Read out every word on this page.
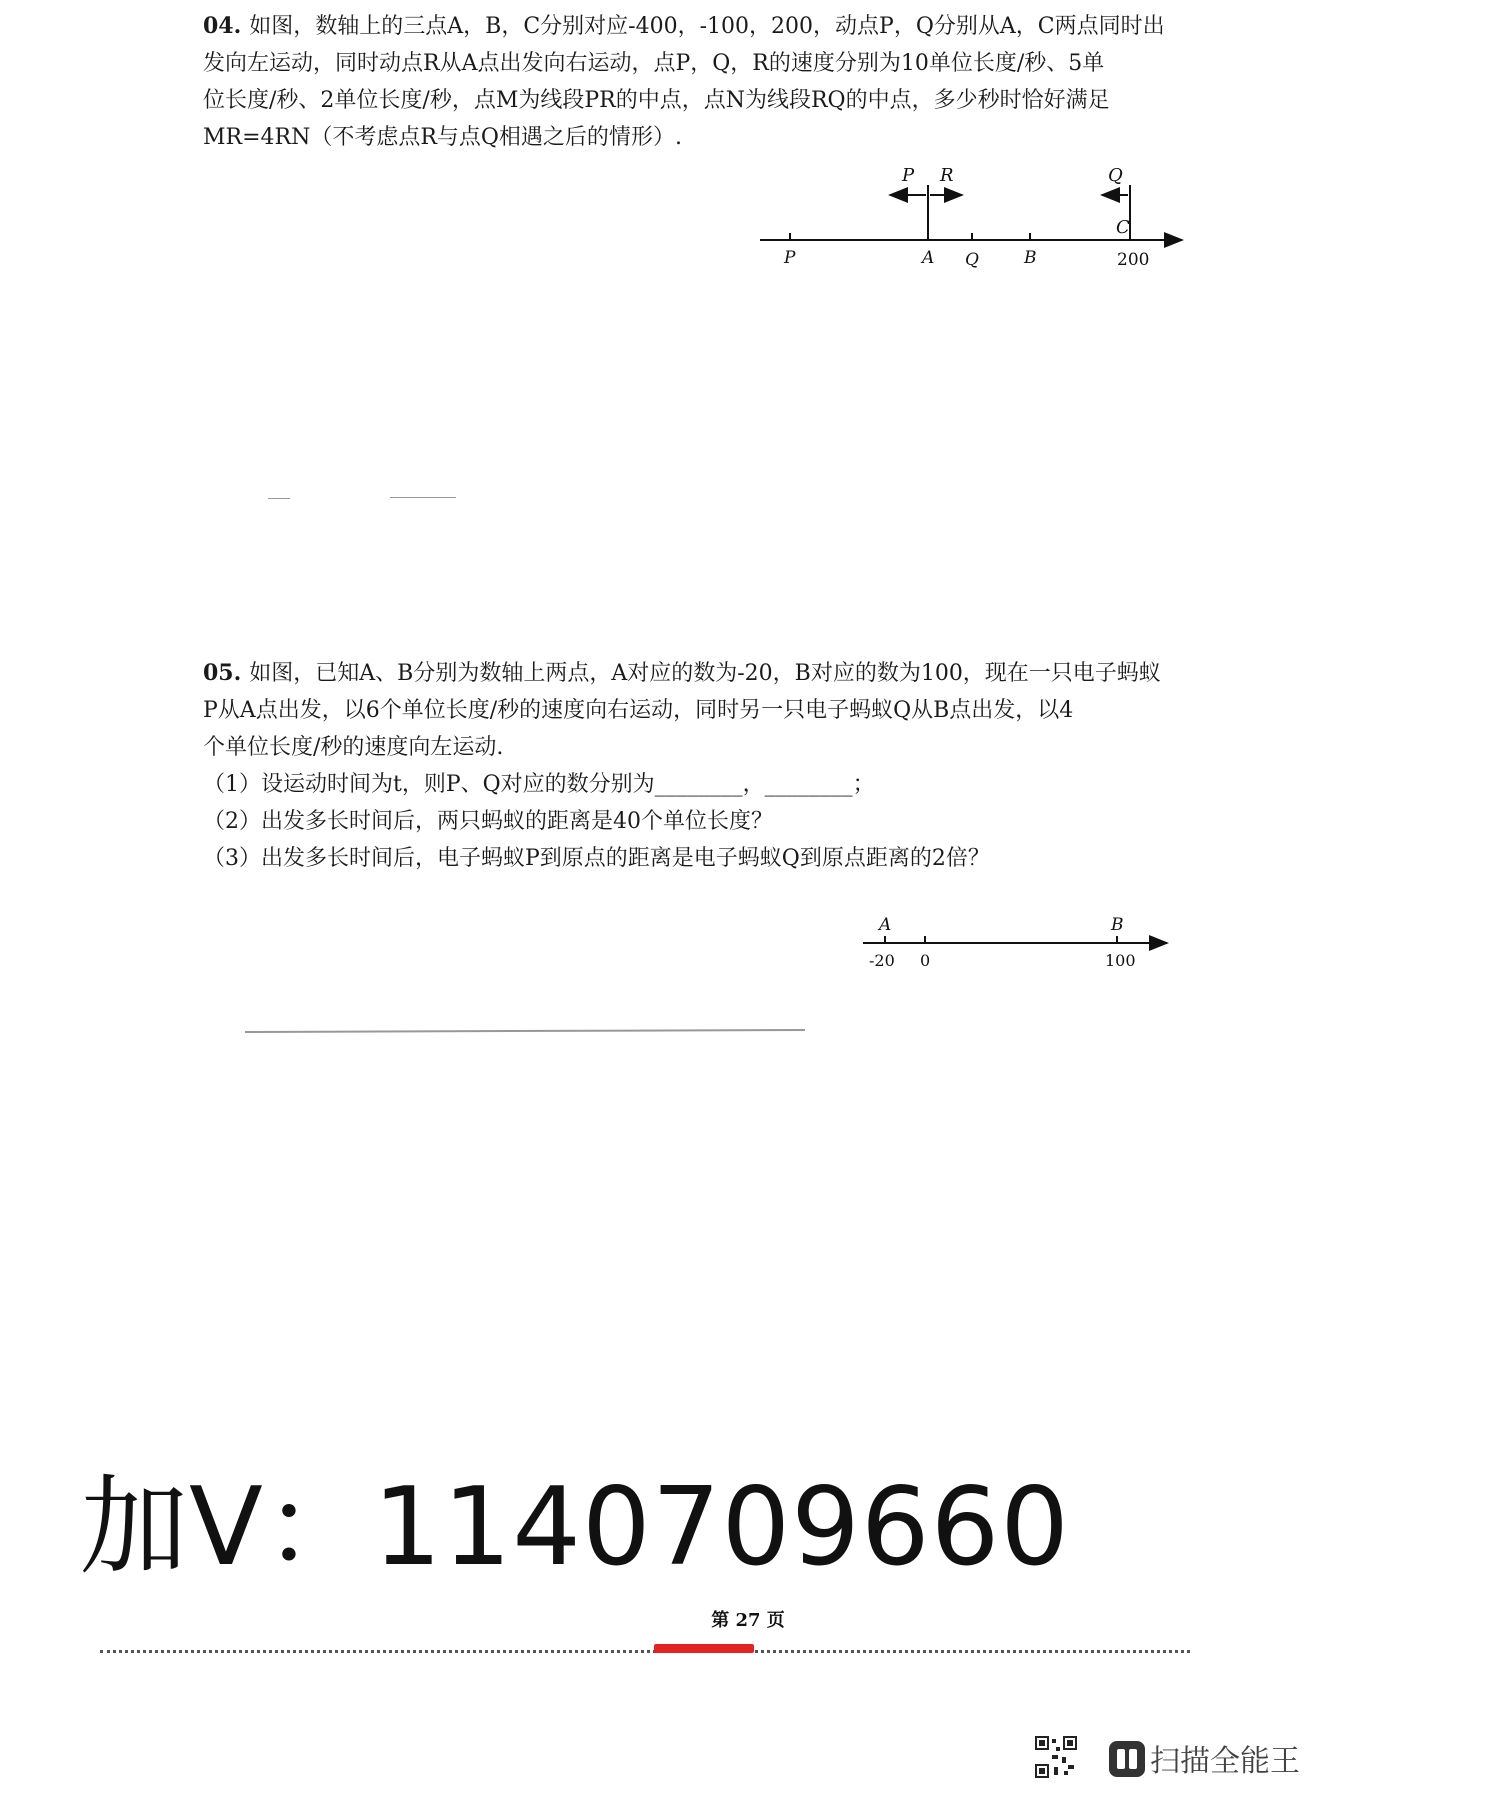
04. 如图，数轴上的三点A，B，C分别对应-400，-100，200，动点P，Q分别从A，C两点同时出

发向左运动，同时动点R从A点出发向右运动，点P，Q，R的速度分别为10单位长度/秒、5单

位长度/秒、2单位长度/秒，点M为线段PR的中点，点N为线段RQ的中点，多少秒时恰好满足

MR=4RN（不考虑点R与点Q相遇之后的情形）.

P R	Q
C
P	A Q	B	200

05. 如图，已知A、B分别为数轴上两点，A对应的数为-20，B对应的数为100，现在一只电子蚂蚁

P从A点出发，以6个单位长度/秒的速度向右运动，同时另一只电子蚂蚁Q从B点出发，以4

个单位长度/秒的速度向左运动.

（1）设运动时间为t，则P、Q对应的数分别为________，________；

（2）出发多长时间后，两只蚂蚁的距离是40个单位长度？

（3）出发多长时间后，电子蚂蚁P到原点的距离是电子蚂蚁Q到原点距离的2倍？

A	B
-20 0	100
加V：1140709660
第 27 页
扫描全能王
